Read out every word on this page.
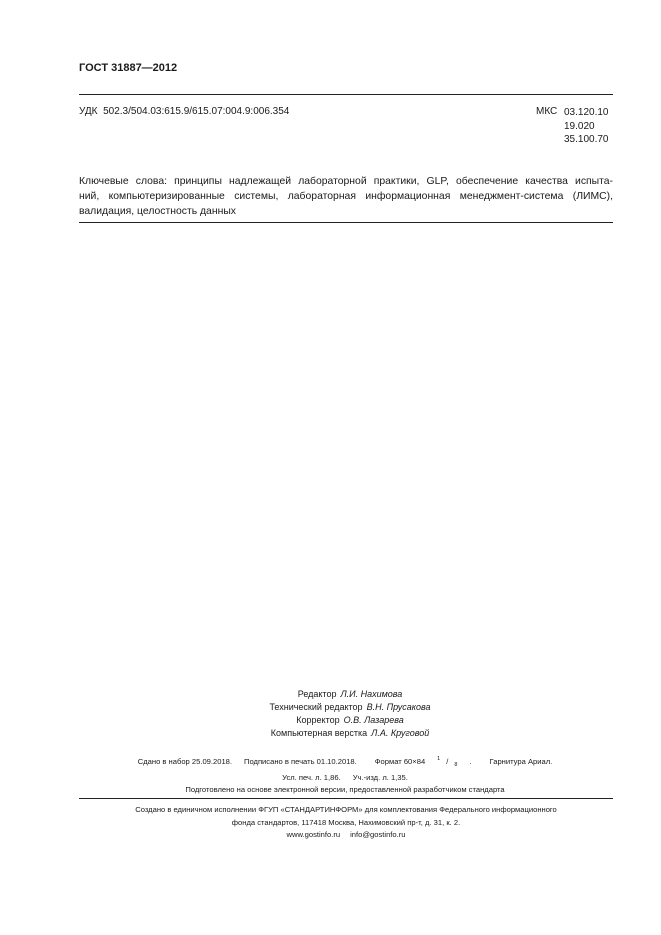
ГОСТ 31887—2012
УДК 502.3/504.03:615.9/615.07:004.9:006.354	МКС 03.120.10
19.020
35.100.70
Ключевые слова: принципы надлежащей лабораторной практики, GLP, обеспечение качества испыта-
ний, компьютеризированные системы, лабораторная информационная менеджмент-система (ЛИМС),
валидация, целостность данных
Редактор Л.И. Нахимова
Технический редактор В.Н. Прусакова
Корректор О.В. Лазарева
Компьютерная верстка Л.А. Круговой
Сдано в набор 25.09.2018. Подписано в печать 01.10.2018. Формат 60×84 $^1$ / $_8$ . Гарнитура Ариал.
Усл. печ. л. 1,86. Уч.-изд. л. 1,35.
Подготовлено на основе электронной версии, предоставленной разработчиком стандарта
Создано в единичном исполнении ФГУП «СТАНДАРТИНФОРМ» для комплектования Федерального информационного
фонда стандартов, 117418 Москва, Нахимовский пр-т, д. 31, к. 2.
www.gostinfo.ru info@gostinfo.ru
